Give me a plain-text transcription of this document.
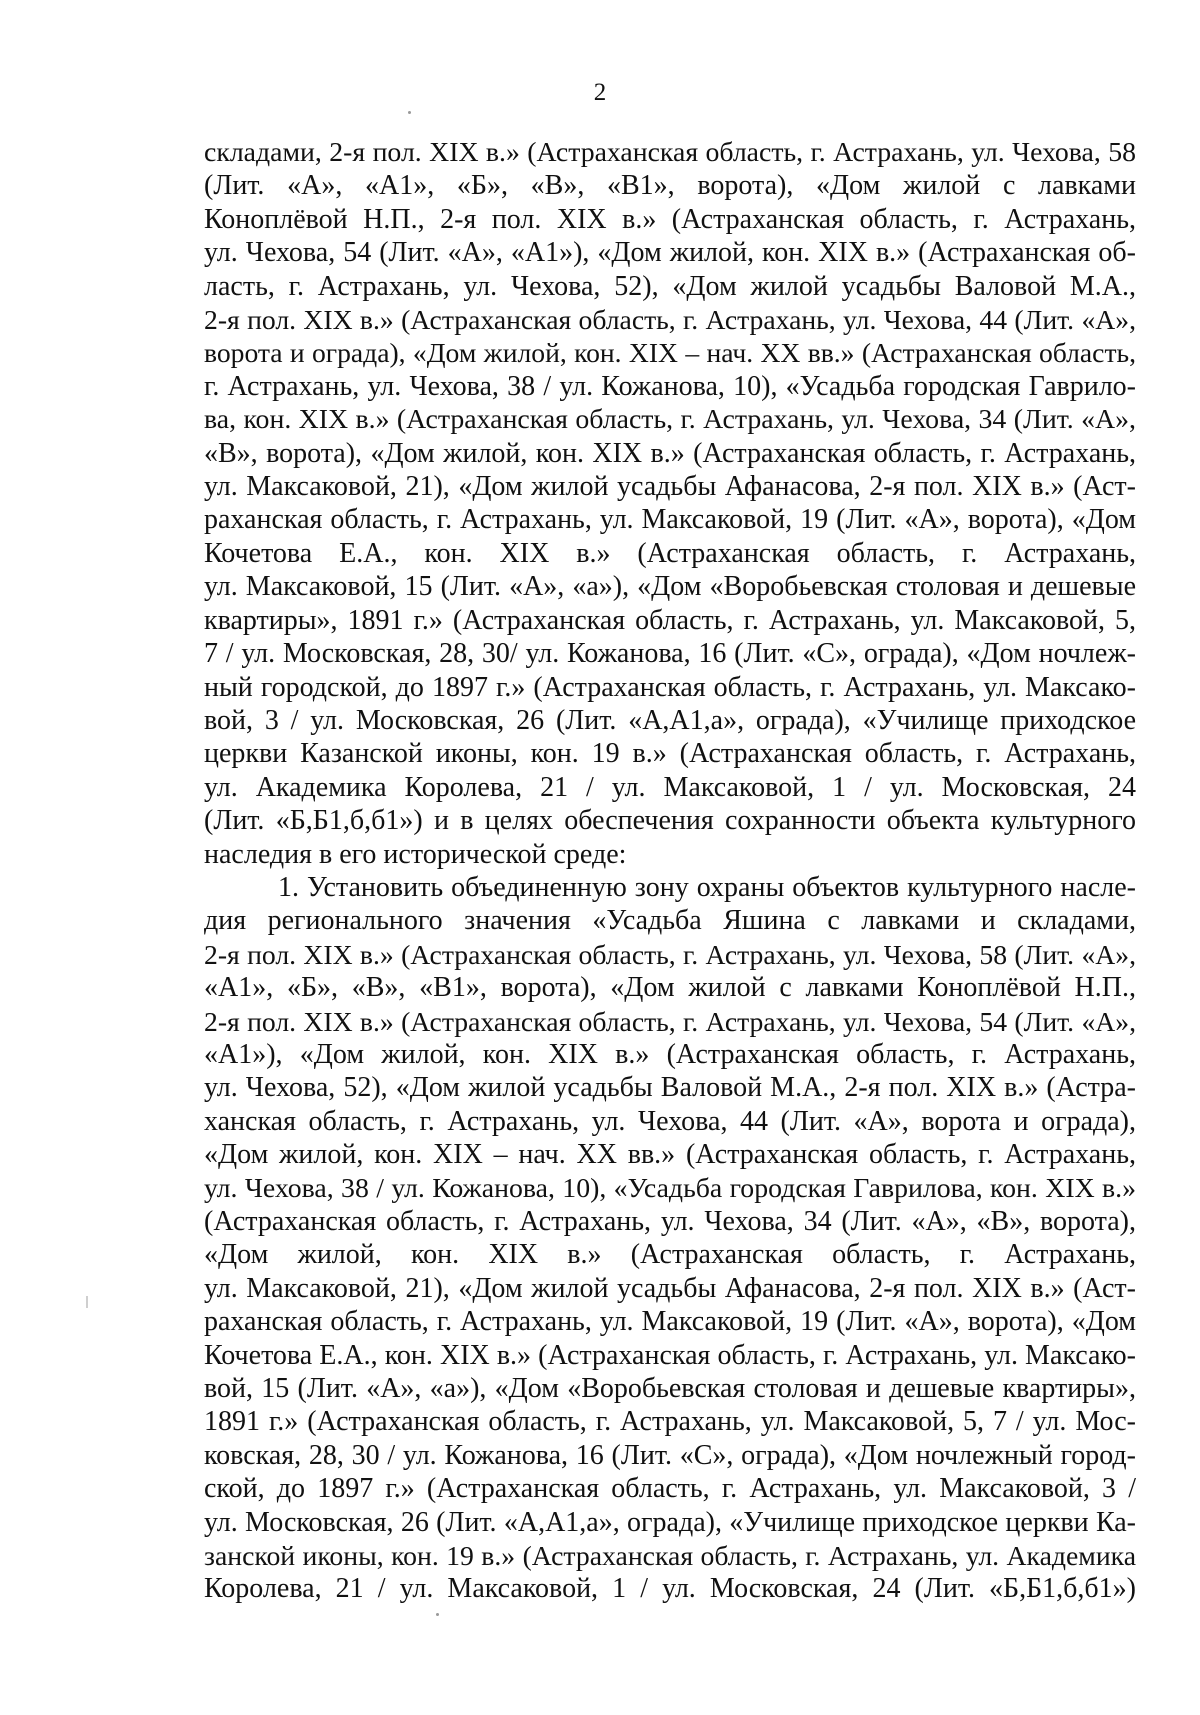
2

складами, 2-я пол. XIX в.» (Астраханская область, г. Астрахань, ул. Чехова, 58
(Лит. «А», «А1», «Б», «В», «В1», ворота), «Дом жилой с лавками
Коноплёвой Н.П., 2-я пол. XIX в.» (Астраханская область, г. Астрахань,
ул. Чехова, 54 (Лит. «А», «А1»), «Дом жилой, кон. XIX в.» (Астраханская об-
ласть, г. Астрахань, ул. Чехова, 52), «Дом жилой усадьбы Валовой М.А.,
2-я пол. XIX в.» (Астраханская область, г. Астрахань, ул. Чехова, 44 (Лит. «А»,
ворота и ограда), «Дом жилой, кон. XIX – нач. XX вв.» (Астраханская область,
г. Астрахань, ул. Чехова, 38 / ул. Кожанова, 10), «Усадьба городская Гаврило-
ва, кон. XIX в.» (Астраханская область, г. Астрахань, ул. Чехова, 34 (Лит. «А»,
«В», ворота), «Дом жилой, кон. XIX в.» (Астраханская область, г. Астрахань,
ул. Максаковой, 21), «Дом жилой усадьбы Афанасова, 2-я пол. XIX в.» (Аст-
раханская область, г. Астрахань, ул. Максаковой, 19 (Лит. «А», ворота), «Дом
Кочетова Е.А., кон. XIX в.» (Астраханская область, г. Астрахань,
ул. Максаковой, 15 (Лит. «А», «а»), «Дом «Воробьевская столовая и дешевые
квартиры», 1891 г.» (Астраханская область, г. Астрахань, ул. Максаковой, 5,
7 / ул. Московская, 28, 30/ ул. Кожанова, 16 (Лит. «С», ограда), «Дом ночлеж-
ный городской, до 1897 г.» (Астраханская область, г. Астрахань, ул. Максако-
вой, 3 / ул. Московская, 26 (Лит. «А,А1,а», ограда), «Училище приходское
церкви Казанской иконы, кон. 19 в.» (Астраханская область, г. Астрахань,
ул. Академика Королева, 21 / ул. Максаковой, 1 / ул. Московская, 24
(Лит. «Б,Б1,б,б1») и в целях обеспечения сохранности объекта культурного
наследия в его исторической среде:

1. Установить объединенную зону охраны объектов культурного насле-
дия регионального значения «Усадьба Яшина с лавками и складами,
2-я пол. XIX в.» (Астраханская область, г. Астрахань, ул. Чехова, 58 (Лит. «А»,
«А1», «Б», «В», «В1», ворота), «Дом жилой с лавками Коноплёвой Н.П.,
2-я пол. XIX в.» (Астраханская область, г. Астрахань, ул. Чехова, 54 (Лит. «А»,
«А1»), «Дом жилой, кон. XIX в.» (Астраханская область, г. Астрахань,
ул. Чехова, 52), «Дом жилой усадьбы Валовой М.А., 2-я пол. XIX в.» (Астра-
ханская область, г. Астрахань, ул. Чехова, 44 (Лит. «А», ворота и ограда),
«Дом жилой, кон. XIX – нач. XX вв.» (Астраханская область, г. Астрахань,
ул. Чехова, 38 / ул. Кожанова, 10), «Усадьба городская Гаврилова, кон. XIX в.»
(Астраханская область, г. Астрахань, ул. Чехова, 34 (Лит. «А», «В», ворота),
«Дом жилой, кон. XIX в.» (Астраханская область, г. Астрахань,
ул. Максаковой, 21), «Дом жилой усадьбы Афанасова, 2-я пол. XIX в.» (Аст-
раханская область, г. Астрахань, ул. Максаковой, 19 (Лит. «А», ворота), «Дом
Кочетова Е.А., кон. XIX в.» (Астраханская область, г. Астрахань, ул. Максако-
вой, 15 (Лит. «А», «а»), «Дом «Воробьевская столовая и дешевые квартиры»,
1891 г.» (Астраханская область, г. Астрахань, ул. Максаковой, 5, 7 / ул. Мос-
ковская, 28, 30 / ул. Кожанова, 16 (Лит. «С», ограда), «Дом ночлежный город-
ской, до 1897 г.» (Астраханская область, г. Астрахань, ул. Максаковой, 3 /
ул. Московская, 26 (Лит. «А,А1,а», ограда), «Училище приходское церкви Ка-
занской иконы, кон. 19 в.» (Астраханская область, г. Астрахань, ул. Академика
Королева, 21 / ул. Максаковой, 1 / ул. Московская, 24 (Лит. «Б,Б1,б,б1»)
